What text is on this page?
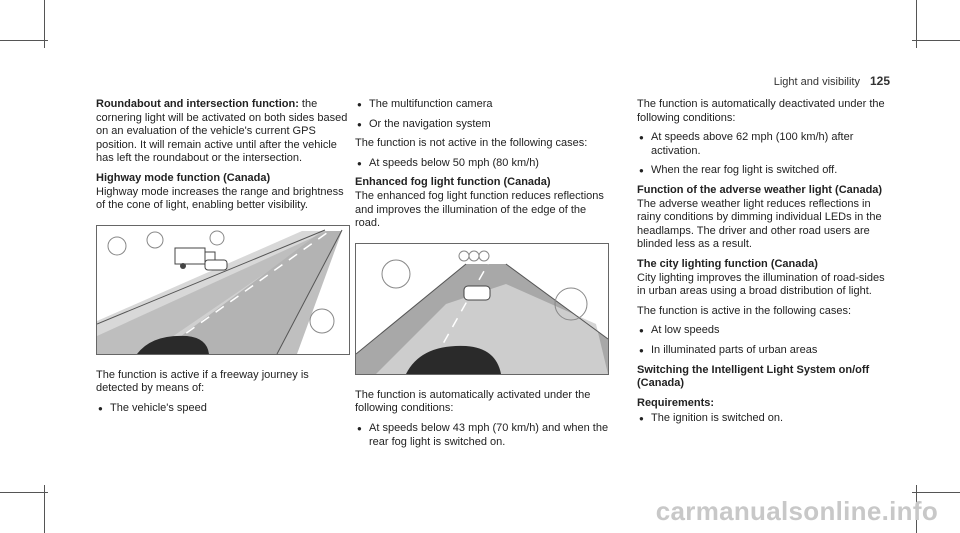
Light and visibility 125

Roundabout and intersection function: the cornering light will be activated on both sides based on an evaluation of the vehicle's current GPS position. It will remain active until after the vehicle has left the roundabout or the intersection.

Highway mode function (Canada)
Highway mode increases the range and brightness of the cone of light, enabling better visibility.

The function is active if a freeway journey is detected by means of:

● The vehicle's speed
● The multifunction camera
● Or the navigation system

The function is not active in the following cases:

● At speeds below 50 mph (80 km/h)

Enhanced fog light function (Canada)
The enhanced fog light function reduces reflections and improves the illumination of the edge of the road.

The function is automatically activated under the following conditions:

● At speeds below 43 mph (70 km/h) and when the rear fog light is switched on.

The function is automatically deactivated under the following conditions:

● At speeds above 62 mph (100 km/h) after activation.
● When the rear fog light is switched off.

Function of the adverse weather light (Canada)
The adverse weather light reduces reflections in rainy conditions by dimming individual LEDs in the headlamps. The driver and other road users are blinded less as a result.

The city lighting function (Canada)
City lighting improves the illumination of road-sides in urban areas using a broad distribution of light.

The function is active in the following cases:

● At low speeds
● In illuminated parts of urban areas

Switching the Intelligent Light System on/off (Canada)

Requirements:

● The ignition is switched on.
carmanualsonline.info
